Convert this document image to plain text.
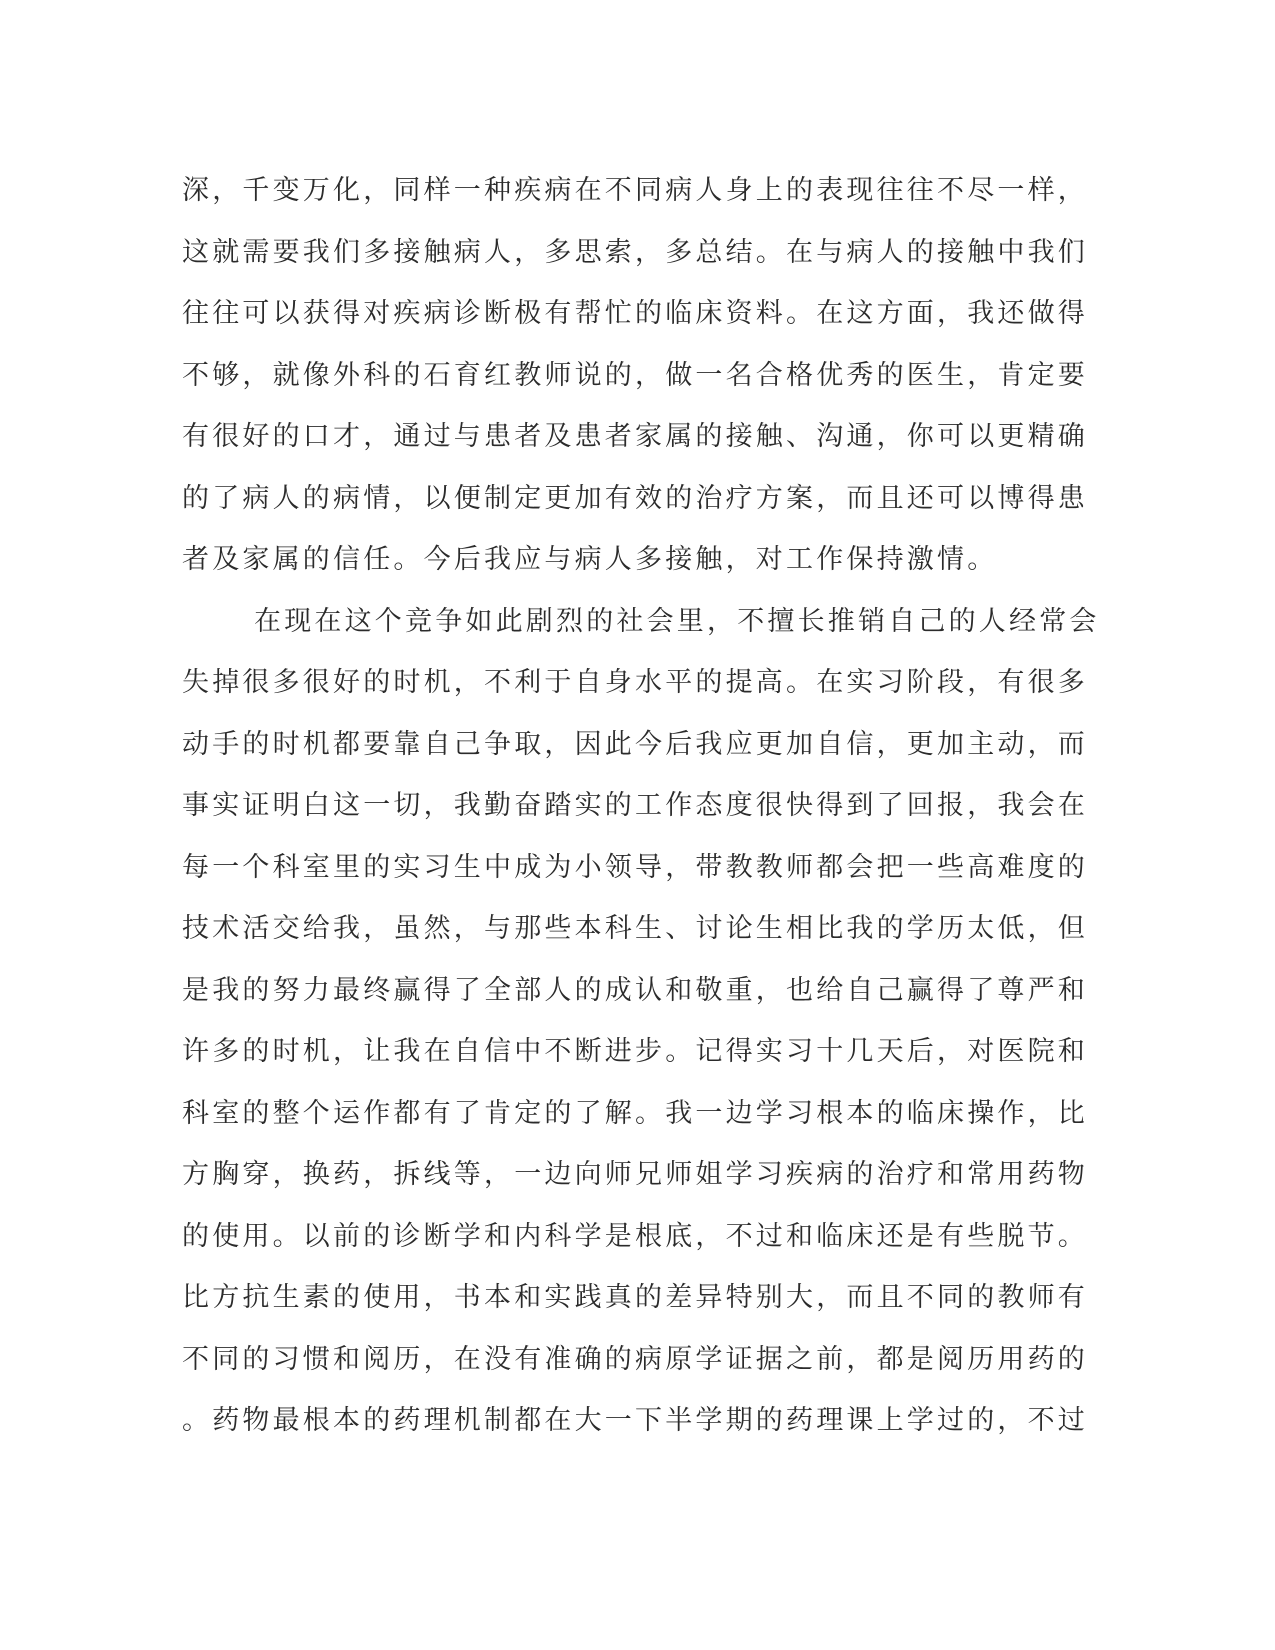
深，千变万化，同样一种疾病在不同病人身上的表现往往不尽一样，
这就需要我们多接触病人，多思索，多总结。在与病人的接触中我们
往往可以获得对疾病诊断极有帮忙的临床资料。在这方面，我还做得
不够，就像外科的石育红教师说的，做一名合格优秀的医生，肯定要
有很好的口才，通过与患者及患者家属的接触、沟通，你可以更精确
的了病人的病情，以便制定更加有效的治疗方案，而且还可以博得患
者及家属的信任。今后我应与病人多接触，对工作保持激情。
在现在这个竞争如此剧烈的社会里，不擅长推销自己的人经常会
失掉很多很好的时机，不利于自身水平的提高。在实习阶段，有很多
动手的时机都要靠自己争取，因此今后我应更加自信，更加主动，而
事实证明白这一切，我勤奋踏实的工作态度很快得到了回报，我会在
每一个科室里的实习生中成为小领导，带教教师都会把一些高难度的
技术活交给我，虽然，与那些本科生、讨论生相比我的学历太低，但
是我的努力最终赢得了全部人的成认和敬重，也给自己赢得了尊严和
许多的时机，让我在自信中不断进步。记得实习十几天后，对医院和
科室的整个运作都有了肯定的了解。我一边学习根本的临床操作，比
方胸穿，换药，拆线等，一边向师兄师姐学习疾病的治疗和常用药物
的使用。以前的诊断学和内科学是根底，不过和临床还是有些脱节。
比方抗生素的使用，书本和实践真的差异特别大，而且不同的教师有
不同的习惯和阅历，在没有准确的病原学证据之前，都是阅历用药的
。药物最根本的药理机制都在大一下半学期的药理课上学过的，不过
